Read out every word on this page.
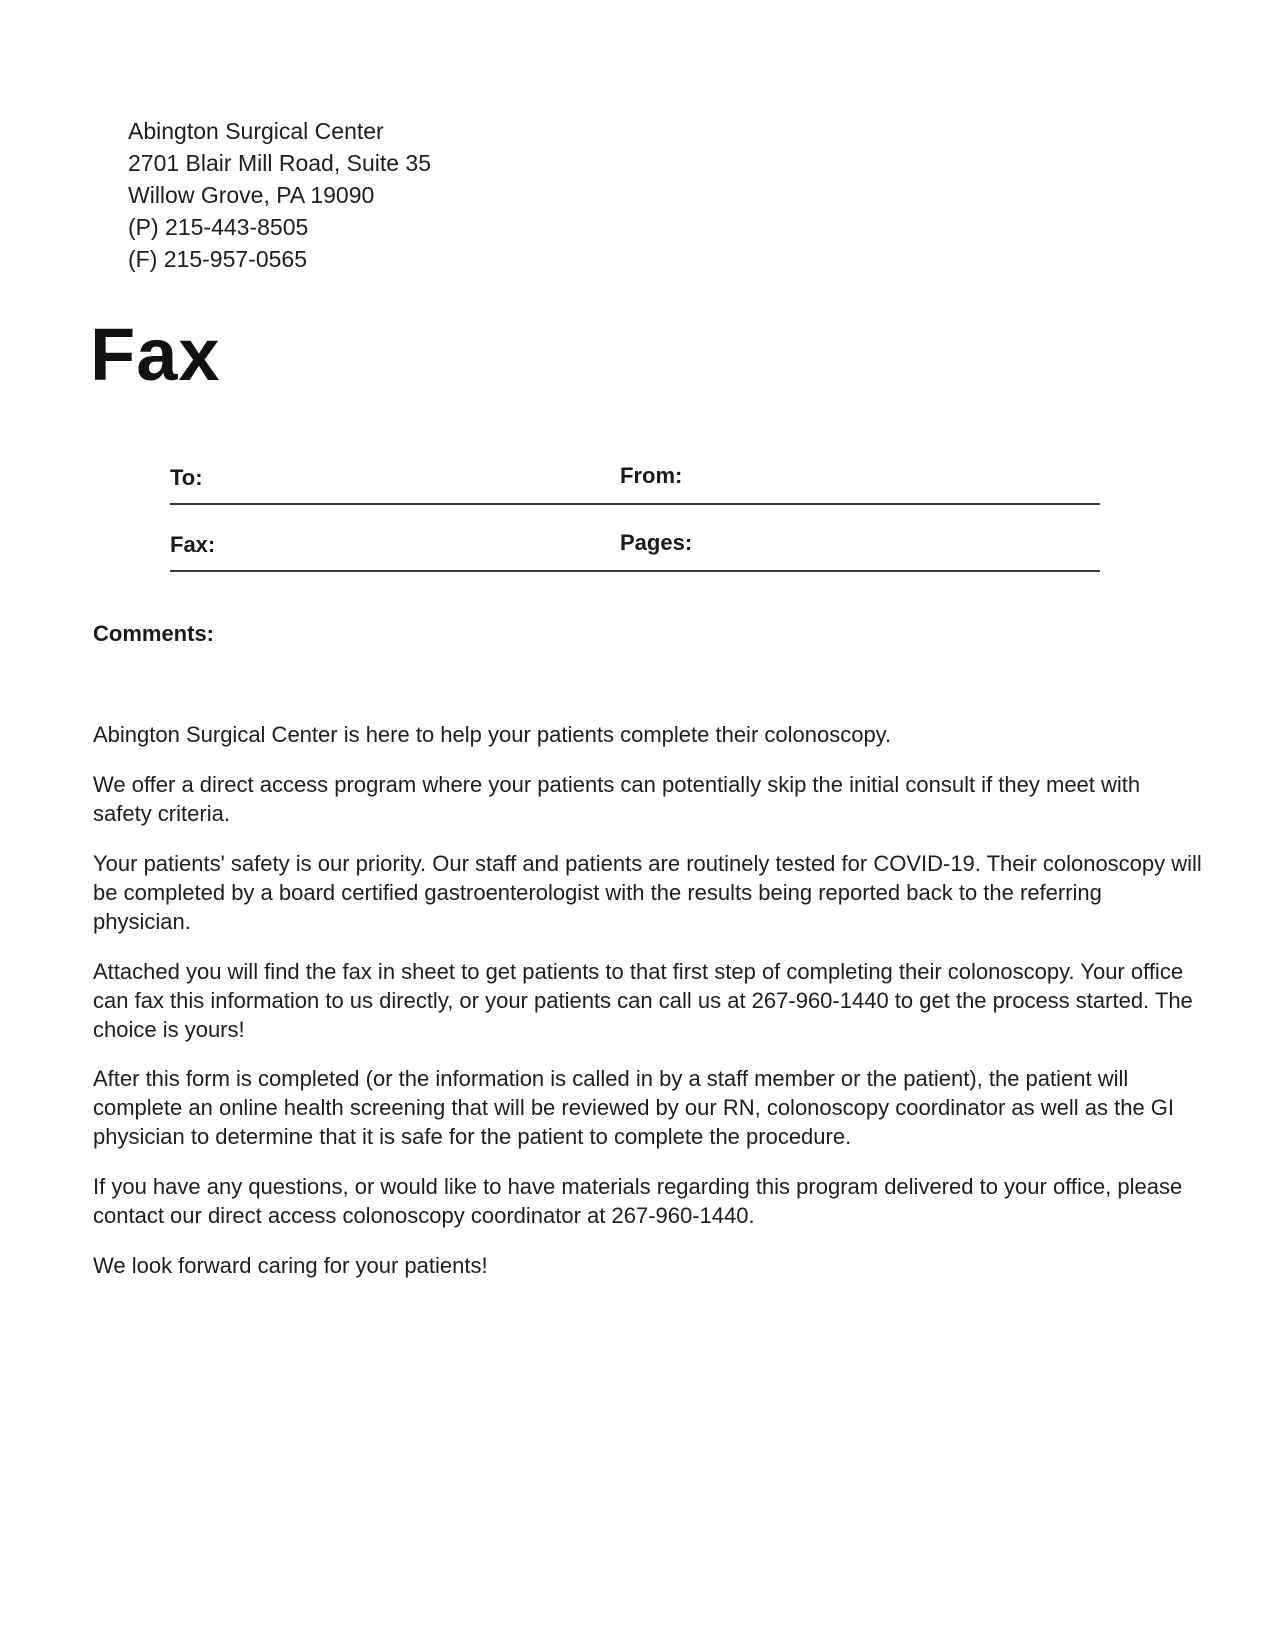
Abington Surgical Center
2701 Blair Mill Road, Suite 35
Willow Grove, PA 19090
(P) 215-443-8505
(F) 215-957-0565
Fax
To:	From:
Fax:	Pages:
Comments:
Abington Surgical Center is here to help your patients complete their colonoscopy.
We offer a direct access program where your patients can potentially skip the initial consult if they meet with safety criteria.
Your patients' safety is our priority. Our staff and patients are routinely tested for COVID-19. Their colonoscopy will be completed by a board certified gastroenterologist with the results being reported back to the referring physician.
Attached you will find the fax in sheet to get patients to that first step of completing their colonoscopy. Your office can fax this information to us directly, or your patients can call us at 267-960-1440 to get the process started. The choice is yours!
After this form is completed (or the information is called in by a staff member or the patient), the patient will complete an online health screening that will be reviewed by our RN, colonoscopy coordinator as well as the GI physician to determine that it is safe for the patient to complete the procedure.
If you have any questions, or would like to have materials regarding this program delivered to your office, please contact our direct access colonoscopy coordinator at 267-960-1440.
We look forward caring for your patients!
